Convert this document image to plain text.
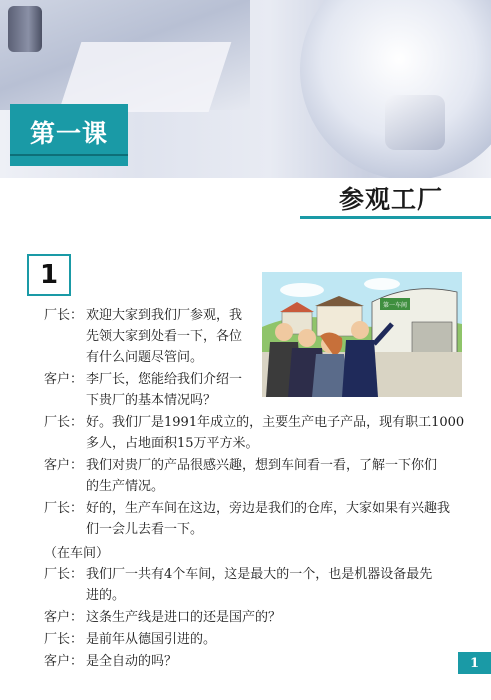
第一课
参观工厂
1
第一车间
厂长： 欢迎大家到我们厂参观，我
先领大家到处看一下，各位
有什么问题尽管问。
客户： 李厂长，您能给我们介绍一
下贵厂的基本情况吗？
厂长： 好。我们厂是1991年成立的，主要生产电子产品，现有职工1000
多人，占地面积15万平方米。
客户： 我们对贵厂的产品很感兴趣，想到车间看一看，了解一下你们
的生产情况。
厂长： 好的，生产车间在这边，旁边是我们的仓库，大家如果有兴趣我
们一会儿去看一下。
（在车间）
厂长： 我们厂一共有4个车间，这是最大的一个，也是机器设备最先
进的。
客户： 这条生产线是进口的还是国产的？
厂长： 是前年从德国引进的。
客户： 是全自动的吗？	1
